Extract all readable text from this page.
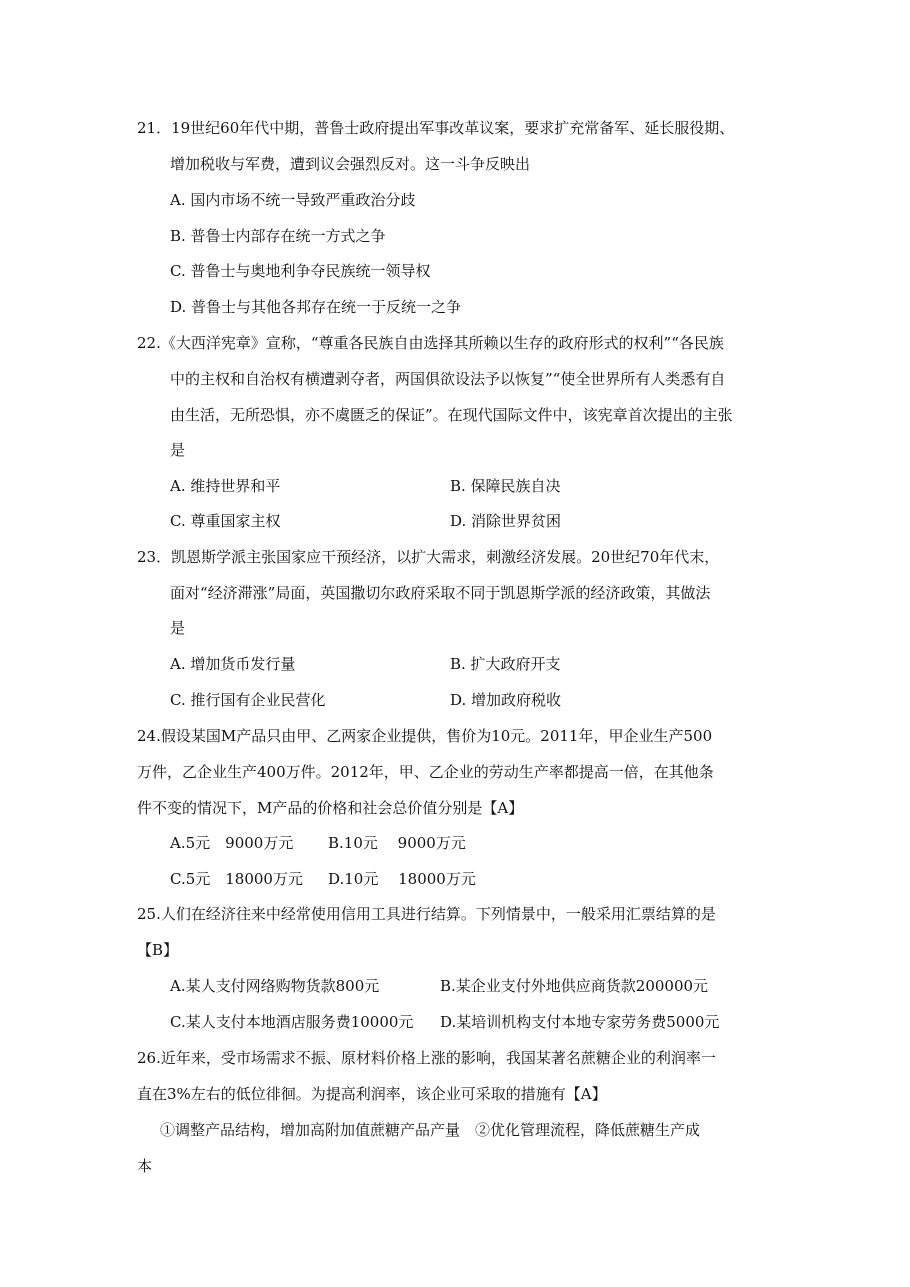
21．19世纪60年代中期，普鲁士政府提出军事改革议案，要求扩充常备军、延长服役期、
增加税收与军费，遭到议会强烈反对。这一斗争反映出
A. 国内市场不统一导致严重政治分歧
B. 普鲁士内部存在统一方式之争
C. 普鲁士与奥地利争夺民族统一领导权
D. 普鲁士与其他各邦存在统一于反统一之争
22.《大西洋宪章》宣称，“尊重各民族自由选择其所赖以生存的政府形式的权利”“各民族
中的主权和自治权有横遭剥夺者，两国俱欲设法予以恢复”“使全世界所有人类悉有自
由生活，无所恐惧，亦不虞匮乏的保证”。在现代国际文件中，该宪章首次提出的主张
是
A. 维持世界和平	B. 保障民族自决
C. 尊重国家主权	D. 消除世界贫困
23．凯恩斯学派主张国家应干预经济，以扩大需求，刺激经济发展。20世纪70年代末，
面对“经济滞涨”局面，英国撒切尔政府采取不同于凯恩斯学派的经济政策，其做法
是
A. 增加货币发行量	B. 扩大政府开支
C. 推行国有企业民营化	D. 增加政府税收
24.假设某国M产品只由甲、乙两家企业提供，售价为10元。2011年，甲企业生产500
万件，乙企业生产400万件。2012年，甲、乙企业的劳动生产率都提高一倍，在其他条
件不变的情况下，M产品的价格和社会总价值分别是【A】
A.5元　9000万元 B.10元　 9000万元
C.5元　18000万元 D.10元　 18000万元
25.人们在经济往来中经常使用信用工具进行结算。下列情景中，一般采用汇票结算的是
【B】
A.某人支付网络购物货款800元	B.某企业支付外地供应商货款200000元
C.某人支付本地酒店服务费10000元 D.某培训机构支付本地专家劳务费5000元
26.近年来，受市场需求不振、原材料价格上涨的影响，我国某著名蔗糖企业的利润率一
直在3%左右的低位徘徊。为提高利润率，该企业可采取的措施有【A】
①调整产品结构，增加高附加值蔗糖产品产量　②优化管理流程，降低蔗糖生产成
本
